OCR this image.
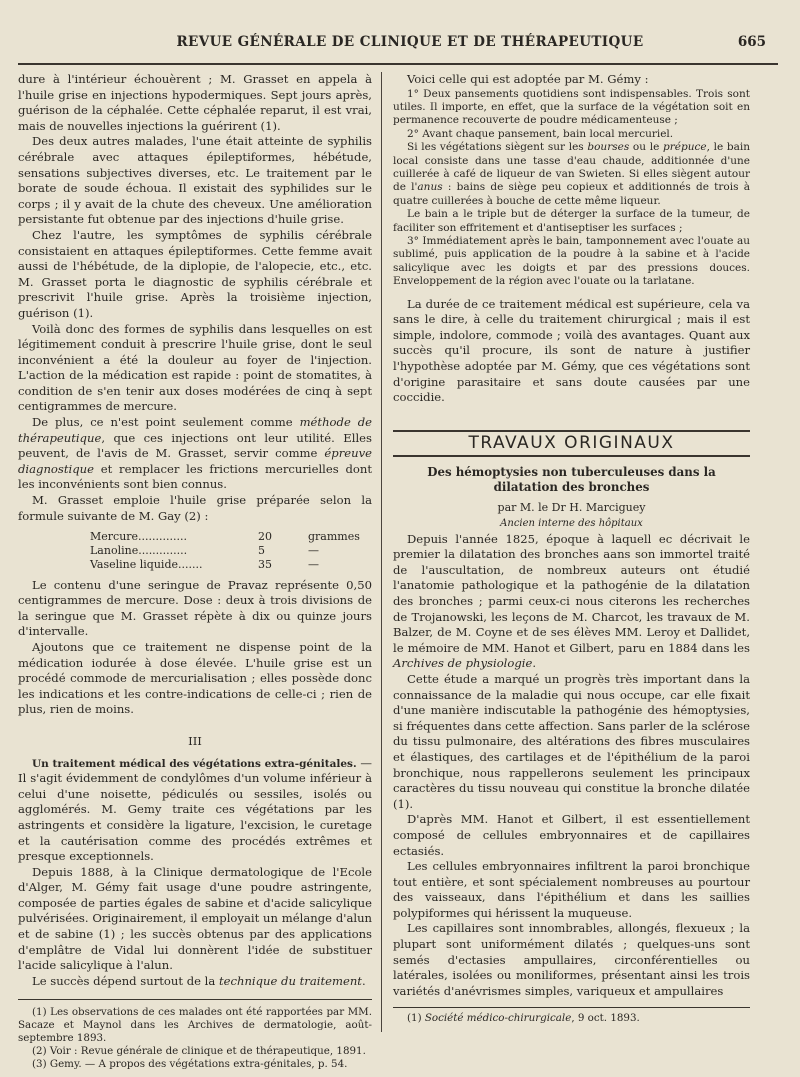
REVUE GÉNÉRALE DE CLINIQUE ET DE THÉRAPEUTIQUE	665

dure à l'intérieur échouèrent ; M. Grasset en appela à l'huile grise en injections hypodermiques. Sept jours après, guérison de la céphalée. Cette céphalée reparut, il est vrai, mais de nouvelles injections la guérirent (1).

Des deux autres malades, l'une était atteinte de syphilis cérébrale avec attaques épileptiformes, hébétude, sensations subjectives diverses, etc. Le traitement par le borate de soude échoua. Il existait des syphilides sur le corps ; il y avait de la chute des cheveux. Une amélioration persistante fut obtenue par des injections d'huile grise.

Chez l'autre, les symptômes de syphilis cérébrale consistaient en attaques épileptiformes. Cette femme avait aussi de l'hébétude, de la diplopie, de l'alopecie, etc., etc. M. Grasset porta le diagnostic de syphilis cérébrale et prescrivit l'huile grise. Après la troisième injection, guérison (1).

Voilà donc des formes de syphilis dans lesquelles on est légitimement conduit à prescrire l'huile grise, dont le seul inconvénient a été la douleur au foyer de l'injection. L'action de la médication est rapide : point de stomatites, à condition de s'en tenir aux doses modérées de cinq à sept centigrammes de mercure.

De plus, ce n'est point seulement comme méthode de thérapeutique, que ces injections ont leur utilité. Elles peuvent, de l'avis de M. Grasset, servir comme épreuve diagnostique et remplacer les frictions mercurielles dont les inconvénients sont bien connus.

M. Grasset emploie l'huile grise préparée selon la formule suivante de M. Gay (2) :

Mercure..............	20	grammes
Lanoline..............	5	—
Vaseline liquide.......	35	—

Le contenu d'une seringue de Pravaz représente 0,50 centigrammes de mercure. Dose : deux à trois divisions de la seringue que M. Grasset répète à dix ou quinze jours d'intervalle.

Ajoutons que ce traitement ne dispense point de la médication iodurée à dose élevée. L'huile grise est un procédé commode de mercurialisation ; elles possède donc les indications et les contre-indications de celle-ci ; rien de plus, rien de moins.

III

Un traitement médical des végétations extra-génitales. — Il s'agit évidemment de condylômes d'un volume inférieur à celui d'une noisette, pédiculés ou sessiles, isolés ou agglomérés. M. Gemy traite ces végétations par les astringents et considère la ligature, l'excision, le curetage et la cautérisation comme des procédés extrêmes et presque exceptionnels.

Depuis 1888, à la Clinique dermatologique de l'Ecole d'Alger, M. Gémy fait usage d'une poudre astringente, composée de parties égales de sabine et d'acide salicylique pulvérisées. Originairement, il employait un mélange d'alun et de sabine (1) ; les succès obtenus par des applications d'emplâtre de Vidal lui donnèrent l'idée de substituer l'acide salicylique à l'alun.

Le succès dépend surtout de la technique du traitement.

(1) Les observations de ces malades ont été rapportées par MM. Sacaze et Maynol dans les Archives de dermatologie, août-septembre 1893.

(2) Voir : Revue générale de clinique et de thérapeutique, 1891.

(3) Gemy. — A propos des végétations extra-génitales, p. 54.

Voici celle qui est adoptée par M. Gémy :

1° Deux pansements quotidiens sont indispensables. Trois sont utiles. Il importe, en effet, que la surface de la végétation soit en permanence recouverte de poudre médicamenteuse ;

2° Avant chaque pansement, bain local mercuriel.

Si les végétations siègent sur les bourses ou le prépuce, le bain local consiste dans une tasse d'eau chaude, additionnée d'une cuillerée à café de liqueur de van Swieten. Si elles siègent autour de l'anus : bains de siège peu copieux et additionnés de trois à quatre cuillerées à bouche de cette même liqueur.

Le bain a le triple but de déterger la surface de la tumeur, de faciliter son effritement et d'antiseptiser les surfaces ;

3° Immédiatement après le bain, tamponnement avec l'ouate au sublimé, puis application de la poudre à la sabine et à l'acide salicylique avec les doigts et par des pressions douces. Enveloppement de la région avec l'ouate ou la tarlatane.

La durée de ce traitement médical est supérieure, cela va sans le dire, à celle du traitement chirurgical ; mais il est simple, indolore, commode ; voilà des avantages. Quant aux succès qu'il procure, ils sont de nature à justifier l'hypothèse adoptée par M. Gémy, que ces végétations sont d'origine parasitaire et sans doute causées par une coccidie.

TRAVAUX ORIGINAUX
Des hémoptysies non tuberculeuses dans la dilatation des bronches

par M. le Dr H. Marciguey

Ancien interne des hôpitaux

Depuis l'année 1825, époque à laquell ec décrivait le premier la dilatation des bronches aans son immortel traité de l'auscultation, de nombreux auteurs ont étudié l'anatomie pathologique et la pathogénie de la dilatation des bronches ; parmi ceux-ci nous citerons les recherches de Trojanowski, les leçons de M. Charcot, les travaux de M. Balzer, de M. Coyne et de ses élèves MM. Leroy et Dallidet, le mémoire de MM. Hanot et Gilbert, paru en 1884 dans les Archives de physiologie.

Cette étude a marqué un progrès très important dans la connaissance de la maladie qui nous occupe, car elle fixait d'une manière indiscutable la pathogénie des hémoptysies, si fréquentes dans cette affection. Sans parler de la sclérose du tissu pulmonaire, des altérations des fibres musculaires et élastiques, des cartilages et de l'épithélium de la paroi bronchique, nous rappellerons seulement les principaux caractères du tissu nouveau qui constitue la bronche dilatée (1).

D'après MM. Hanot et Gilbert, il est essentiellement composé de cellules embryonnaires et de capillaires ectasiés.

Les cellules embryonnaires infiltrent la paroi bronchique tout entière, et sont spécialement nombreuses au pourtour des vaisseaux, dans l'épithélium et dans les saillies polypiformes qui hérissent la muqueuse.

Les capillaires sont innombrables, allongés, flexueux ; la plupart sont uniformément dilatés ; quelques-uns sont semés d'ectasies ampullaires, circonférentielles ou latérales, isolées ou moniliformes, présentant ainsi les trois variétés d'anévrismes simples, variqueux et ampullaires

(1) Société médico-chirurgicale, 9 oct. 1893.
